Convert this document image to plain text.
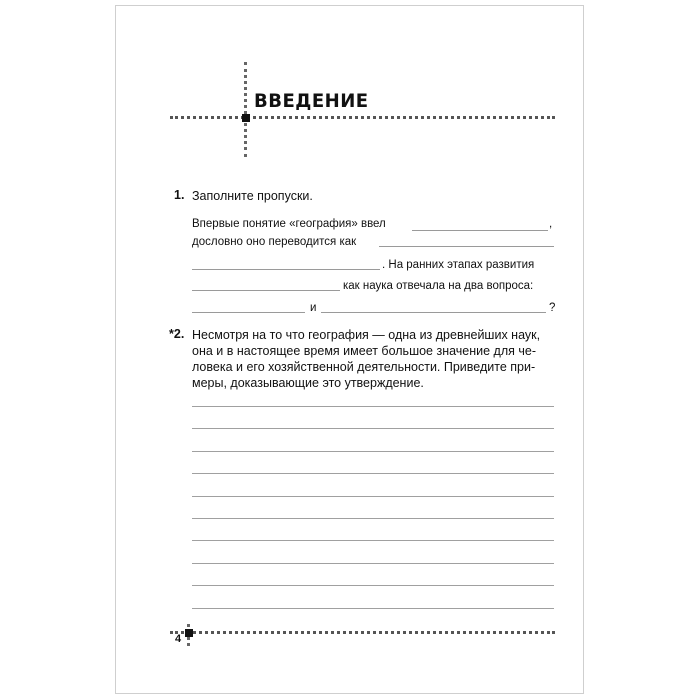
ВВЕДЕНИЕ
1. Заполните пропуски.
Впервые понятие «география» ввел	,
дословно оно переводится как
. На ранних этапах развития
как наука отвечала на два вопроса:
и	?
*2. Несмотря на то что география — одна из древнейших наук,
она и в настоящее время имеет большое значение для че-
ловека и его хозяйственной деятельности. Приведите при-
меры, доказывающие это утверждение.
4
